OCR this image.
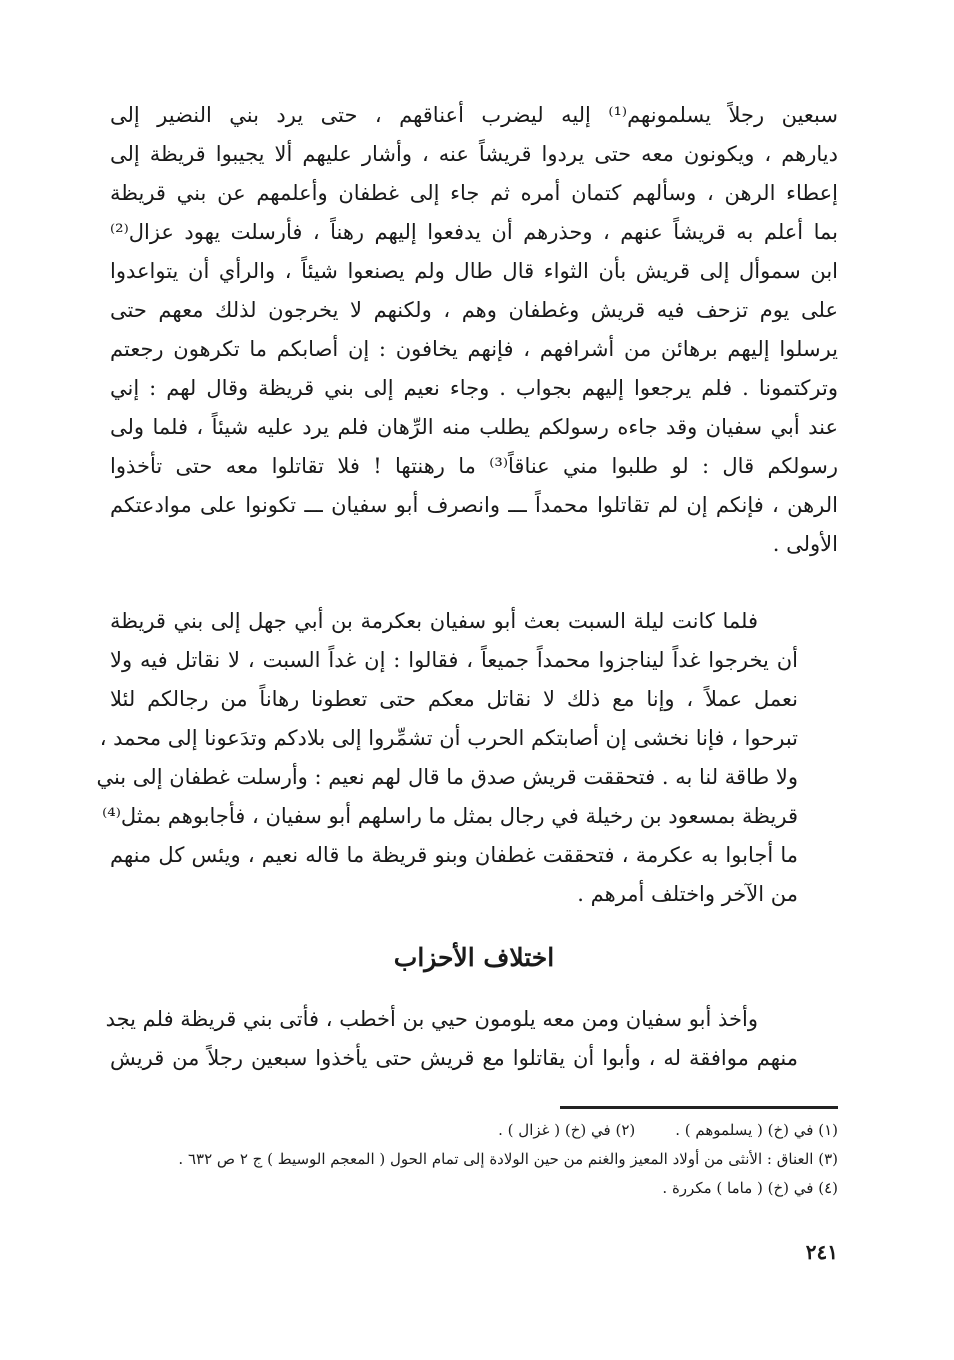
سبعين رجلاً يسلمونهم⁽¹⁾ إليه ليضرب أعناقهم ، حتى يرد بني النضير إلى
ديارهم ، ويكونون معه حتى يردوا قريشاً عنه ، وأشار عليهم ألا يجيبوا قريظة إلى
إعطاء الرهن ، وسألهم كتمان أمره ثم جاء إلى غطفان وأعلمهم عن بني قريظة
بما أعلم به قريشاً عنهم ، وحذرهم أن يدفعوا إليهم رهناً ، فأرسلت يهود عزال⁽²⁾
ابن سموأل إلى قريش بأن الثواء قال طال ولم يصنعوا شيئاً ، والرأي أن يتواعدوا
على يوم تزحف فيه قريش وغطفان وهم ، ولكنهم لا يخرجون لذلك معهم حتى
يرسلوا إليهم برهائن من أشرافهم ، فإنهم يخافون : إن أصابكم ما تكرهون رجعتم
وتركتمونا . فلم يرجعوا إليهم بجواب . وجاء نعيم إلى بني قريظة وقال لهم : إني
عند أبي سفيان وقد جاءه رسولكم يطلب منه الرِّهان فلم يرد عليه شيئاً ، فلما ولى
رسولكم قال : لو طلبوا مني عناقاً⁽³⁾ ما رهنتها ! فلا تقاتلوا معه حتى تأخذوا
الرهن ، فإنكم إن لم تقاتلوا محمداً ـــ وانصرف أبو سفيان ـــ تكونوا على موادعتكم
الأولى .
فلما كانت ليلة السبت بعث أبو سفيان بعكرمة بن أبي جهل إلى بني قريظة
أن يخرجوا غداً ليناجزوا محمداً جميعاً ، فقالوا : إن غداً السبت ، لا نقاتل فيه ولا
نعمل عملاً ، وإنا مع ذلك لا نقاتل معكم حتى تعطونا رهاناً من رجالكم لئلا
تبرحوا ، فإنا نخشى إن أصابتكم الحرب أن تشمِّروا إلى بلادكم وتدَعونا إلى محمد ،
ولا طاقة لنا به . فتحققت قريش صدق ما قال لهم نعيم : وأرسلت غطفان إلى بني
قريظة بمسعود بن رخيلة في رجال بمثل ما راسلهم أبو سفيان ، فأجابوهم بمثل⁽⁴⁾
ما أجابوا به عكرمة ، فتحققت غطفان وبنو قريظة ما قاله نعيم ، ويئس كل منهم
من الآخر واختلف أمرهم .
اختلاف الأحزاب
وأخذ أبو سفيان ومن معه يلومون حيي بن أخطب ، فأتى بني قريظة فلم يجد
منهم موافقة له ، وأبوا أن يقاتلوا مع قريش حتى يأخذوا سبعين رجلاً من قريش
(١) في (خ) ( يسلموهم ) .
(٢) في (خ) ( غزال ) .
(٣) العناق : الأنثى من أولاد المعيز والغنم من حين الولادة إلى تمام الحول ( المعجم الوسيط ) ج ٢ ص ٦٣٢ .
(٤) في (خ) ( ماما ) مكررة .
٢٤١
